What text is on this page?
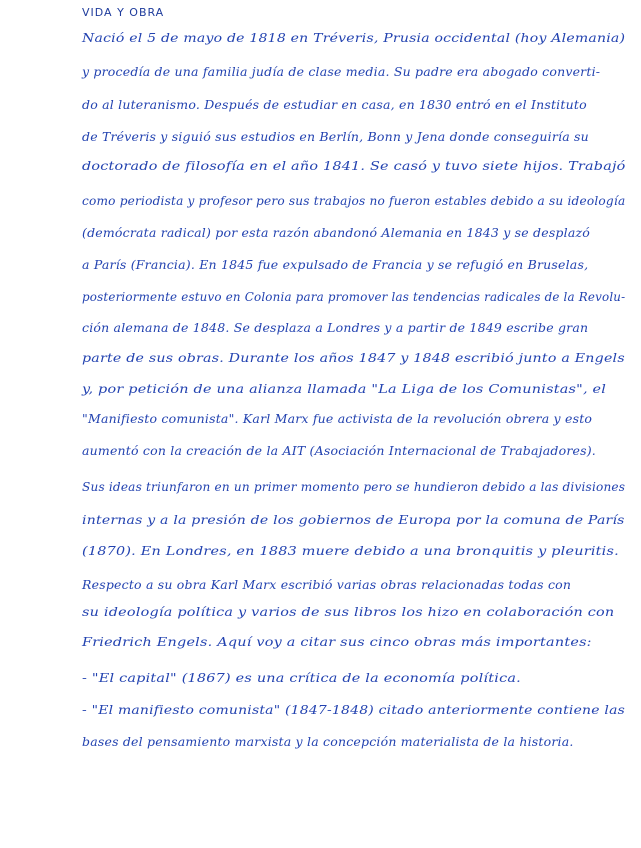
VIDA Y OBRA
Nació el 5 de mayo de 1818 en Tréveris, Prusia occidental (hoy Alemania)
y procedía de una familia judía de clase media. Su padre era abogado converti-
do al luteranismo. Después de estudiar en casa, en 1830 entró en el Instituto
de Tréveris y siguió sus estudios en Berlín, Bonn y Jena donde conseguiría su
doctorado de filosofía en el año 1841. Se casó y tuvo siete hijos. Trabajó
como periodista y profesor pero sus trabajos no fueron estables debido a su ideología
(demócrata radical) por esta razón abandonó Alemania en 1843 y se desplazó
a París (Francia). En 1845 fue expulsado de Francia y se refugió en Bruselas,
posteriormente estuvo en Colonia para promover las tendencias radicales de la Revolu-
ción alemana de 1848. Se desplaza a Londres y a partir de 1849 escribe gran
parte de sus obras. Durante los años 1847 y 1848 escribió junto a Engels
y, por petición de una alianza llamada "La Liga de los Comunistas", el
"Manifiesto comunista". Karl Marx fue activista de la revolución obrera y esto
aumentó con la creación de la AIT (Asociación Internacional de Trabajadores).
Sus ideas triunfaron en un primer momento pero se hundieron debido a las divisiones
internas y a la presión de los gobiernos de Europa por la comuna de París
(1870). En Londres, en 1883 muere debido a una bronquitis y pleuritis.
Respecto a su obra Karl Marx escribió varias obras relacionadas todas con
su ideología política y varios de sus libros los hizo en colaboración con
Friedrich Engels. Aquí voy a citar sus cinco obras más importantes:
- "El capital" (1867) es una crítica de la economía política.
- "El manifiesto comunista" (1847-1848) citado anteriormente contiene las
bases del pensamiento marxista y la concepción materialista de la historia.
